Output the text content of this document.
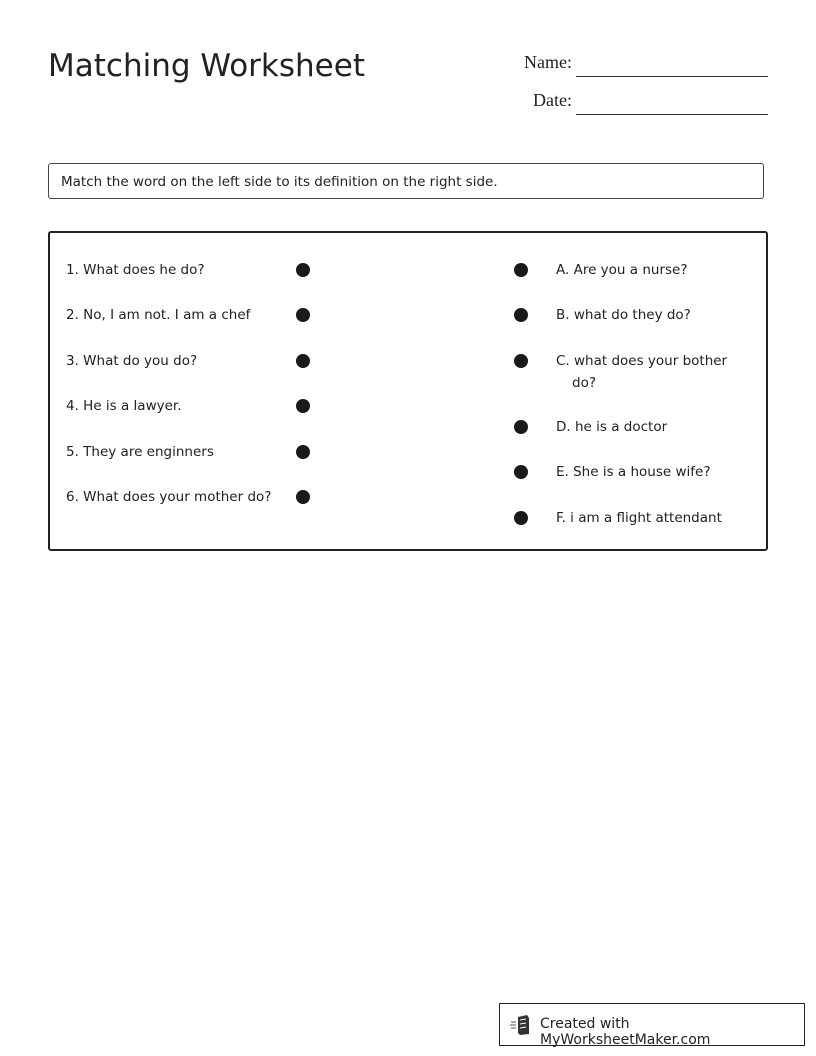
Matching Worksheet	Name:
Date:
Match the word on the left side to its definition on the right side.
1. What does he do?
2. No, I am not. I am a chef
3. What do you do?
4. He is a lawyer.
5. They are enginners
6. What does your mother do?
A. Are you a nurse?
B. what do they do?
C. what does your bother do?
D. he is a doctor
E. She is a house wife?
F. i am a flight attendant
Created with MyWorksheetMaker.com
